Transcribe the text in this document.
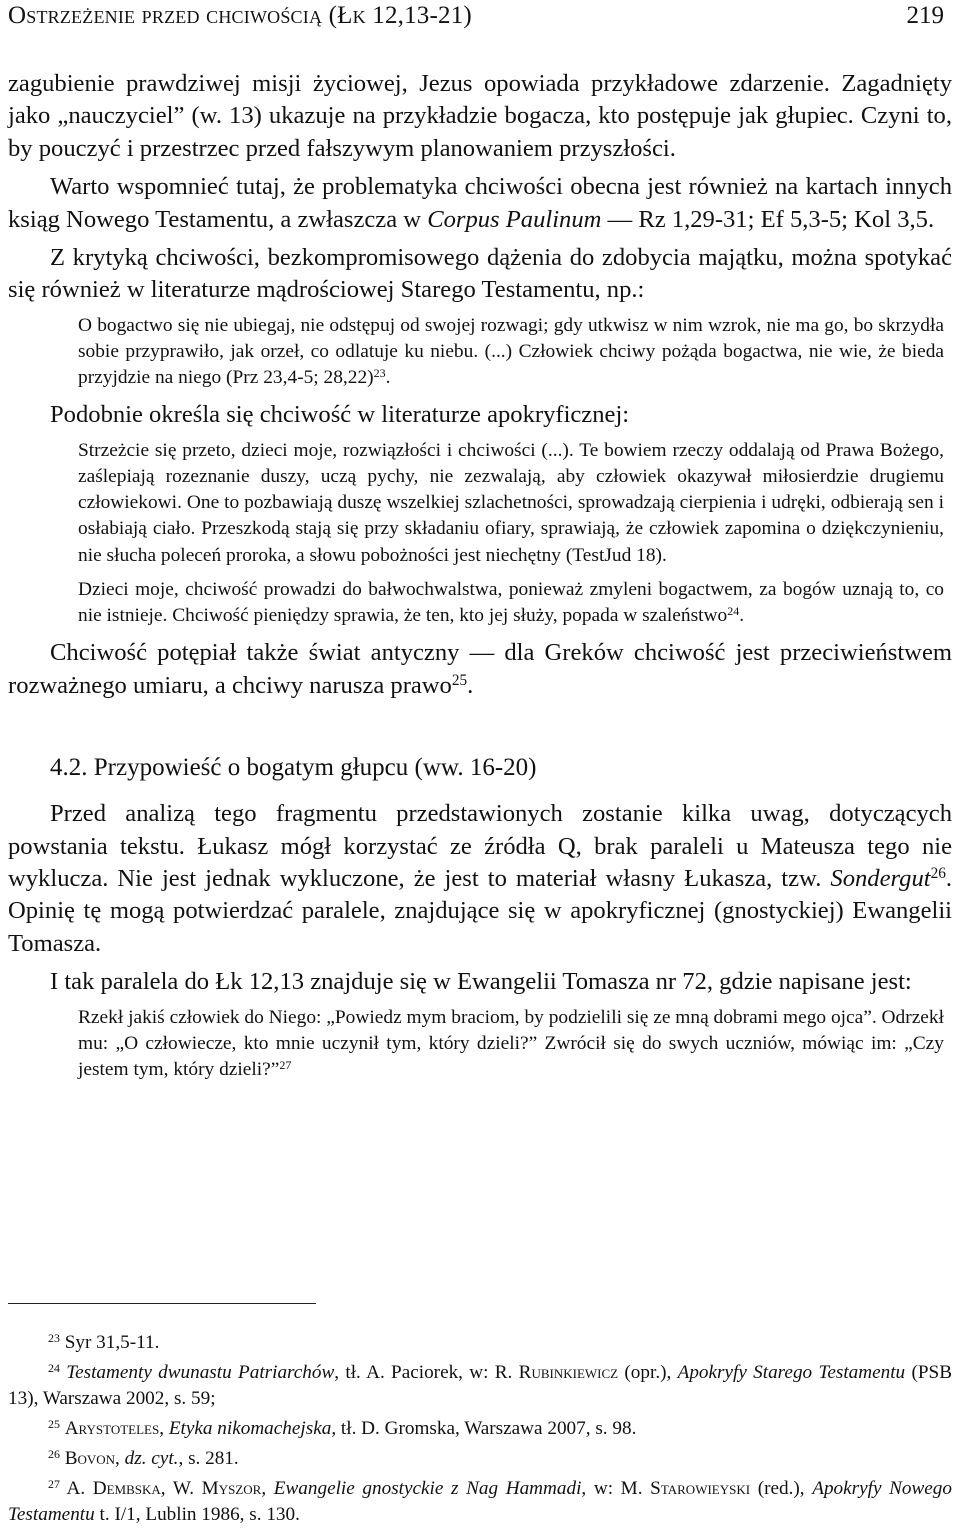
Ostrzeżenie przed chciwością (Łk 12,13-21)	219

zagubienie prawdziwej misji życiowej, Jezus opowiada przykładowe zdarzenie. Zagadnięty jako „nauczyciel” (w. 13) ukazuje na przykładzie bogacza, kto postępuje jak głupiec. Czyni to, by pouczyć i przestrzec przed fałszywym planowaniem przyszłości.

Warto wspomnieć tutaj, że problematyka chciwości obecna jest również na kartach innych ksiąg Nowego Testamentu, a zwłaszcza w Corpus Paulinum — Rz 1,29-31; Ef 5,3-5; Kol 3,5.

Z krytyką chciwości, bezkompromisowego dążenia do zdobycia majątku, można spotykać się również w literaturze mądrościowej Starego Testamentu, np.:

O bogactwo się nie ubiegaj, nie odstępuj od swojej rozwagi; gdy utkwisz w nim wzrok, nie ma go, bo skrzydła sobie przyprawiło, jak orzeł, co odlatuje ku niebu. (...) Człowiek chciwy pożąda bogactwa, nie wie, że bieda przyjdzie na niego (Prz 23,4-5; 28,22)$^{23}$.

Podobnie określa się chciwość w literaturze apokryficznej:

Strzeżcie się przeto, dzieci moje, rozwiązłości i chciwości (...). Te bowiem rzeczy oddalają od Prawa Bożego, zaślepiają rozeznanie duszy, uczą pychy, nie zezwalają, aby człowiek okazywał miłosierdzie drugiemu człowiekowi. One to pozbawiają duszę wszelkiej szlachetności, sprowadzają cierpienia i udręki, odbierają sen i osłabiają ciało. Przeszkodą stają się przy składaniu ofiary, sprawiają, że człowiek zapomina o dziękczynieniu, nie słucha poleceń proroka, a słowu pobożności jest niechętny (TestJud 18).

Dzieci moje, chciwość prowadzi do bałwochwalstwa, ponieważ zmyleni bogactwem, za bogów uznają to, co nie istnieje. Chciwość pieniędzy sprawia, że ten, kto jej służy, popada w szaleństwo$^{24}$.

Chciwość potępiał także świat antyczny — dla Greków chciwość jest przeciwieństwem rozważnego umiaru, a chciwy narusza prawo$^{25}$.

4.2. Przypowieść o bogatym głupcu (ww. 16-20)

Przed analizą tego fragmentu przedstawionych zostanie kilka uwag, dotyczących powstania tekstu. Łukasz mógł korzystać ze źródła Q, brak paraleli u Mateusza tego nie wyklucza. Nie jest jednak wykluczone, że jest to materiał własny Łukasza, tzw. Sondergut$^{26}$. Opinię tę mogą potwierdzać paralele, znajdujące się w apokryficznej (gnostyckiej) Ewangelii Tomasza.

I tak paralela do Łk 12,13 znajduje się w Ewangelii Tomasza nr 72, gdzie napisane jest:

Rzekł jakiś człowiek do Niego: „Powiedz mym braciom, by podzielili się ze mną dobrami mego ojca”. Odrzekł mu: „O człowiecze, kto mnie uczynił tym, który dzieli?” Zwrócił się do swych uczniów, mówiąc im: „Czy jestem tym, który dzieli?”$^{27}$

$^{23}$ Syr 31,5-11.

$^{24}$ Testamenty dwunastu Patriarchów, tł. A. Paciorek, w: R. Rubinkiewicz (opr.), Apokryfy Starego Testamentu (PSB 13), Warszawa 2002, s. 59;

$^{25}$ Arystoteles, Etyka nikomachejska, tł. D. Gromska, Warszawa 2007, s. 98.

$^{26}$ Bovon, dz. cyt., s. 281.

$^{27}$ A. Dembska, W. Myszor, Ewangelie gnostyckie z Nag Hammadi, w: M. Starowieyski (red.), Apokryfy Nowego Testamentu t. I/1, Lublin 1986, s. 130.
